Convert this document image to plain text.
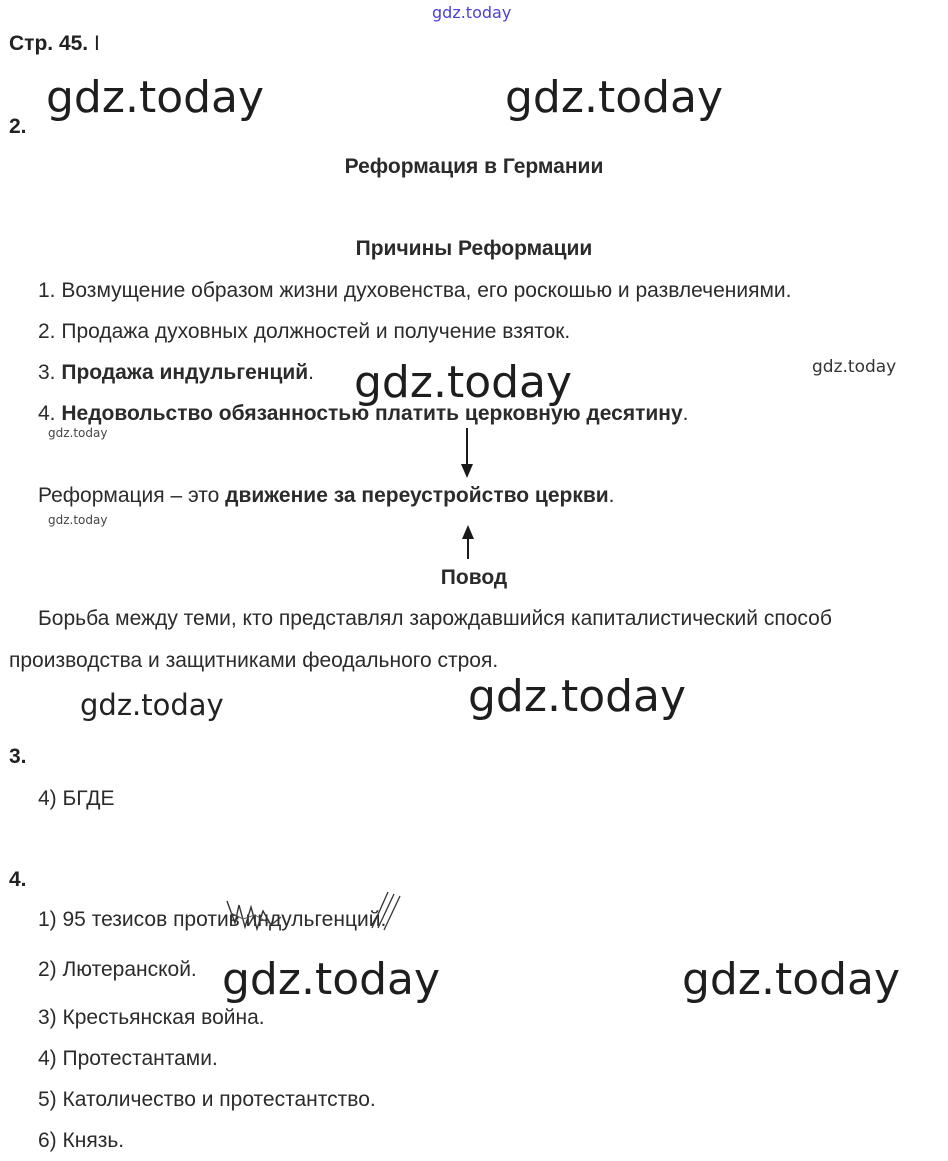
gdz.today
Стр. 45. I
gdz.today	gdz.today
2.
Реформация в Германии
Причины Реформации
1. Возмущение образом жизни духовенства, его роскошью и развлечениями.
2. Продажа духовных должностей и получение взяток.
3. Продажа индульгенций.
4. Недовольство обязанностью платить церковную десятину.
gdz.today	gdz.today
gdz.today
Реформация – это движение за переустройство церкви.
gdz.today
Повод
Борьба между теми, кто представлял зарождавшийся капиталистический способ
производства и защитниками феодального строя.
gdz.today	gdz.today
3.
4) БГДЕ
4.
1) 95 тезисов против индульгенций.
2) Лютеранской.
3) Крестьянская война.
4) Протестантами.
5) Католичество и протестантство.
6) Князь.
gdz.today	gdz.today
